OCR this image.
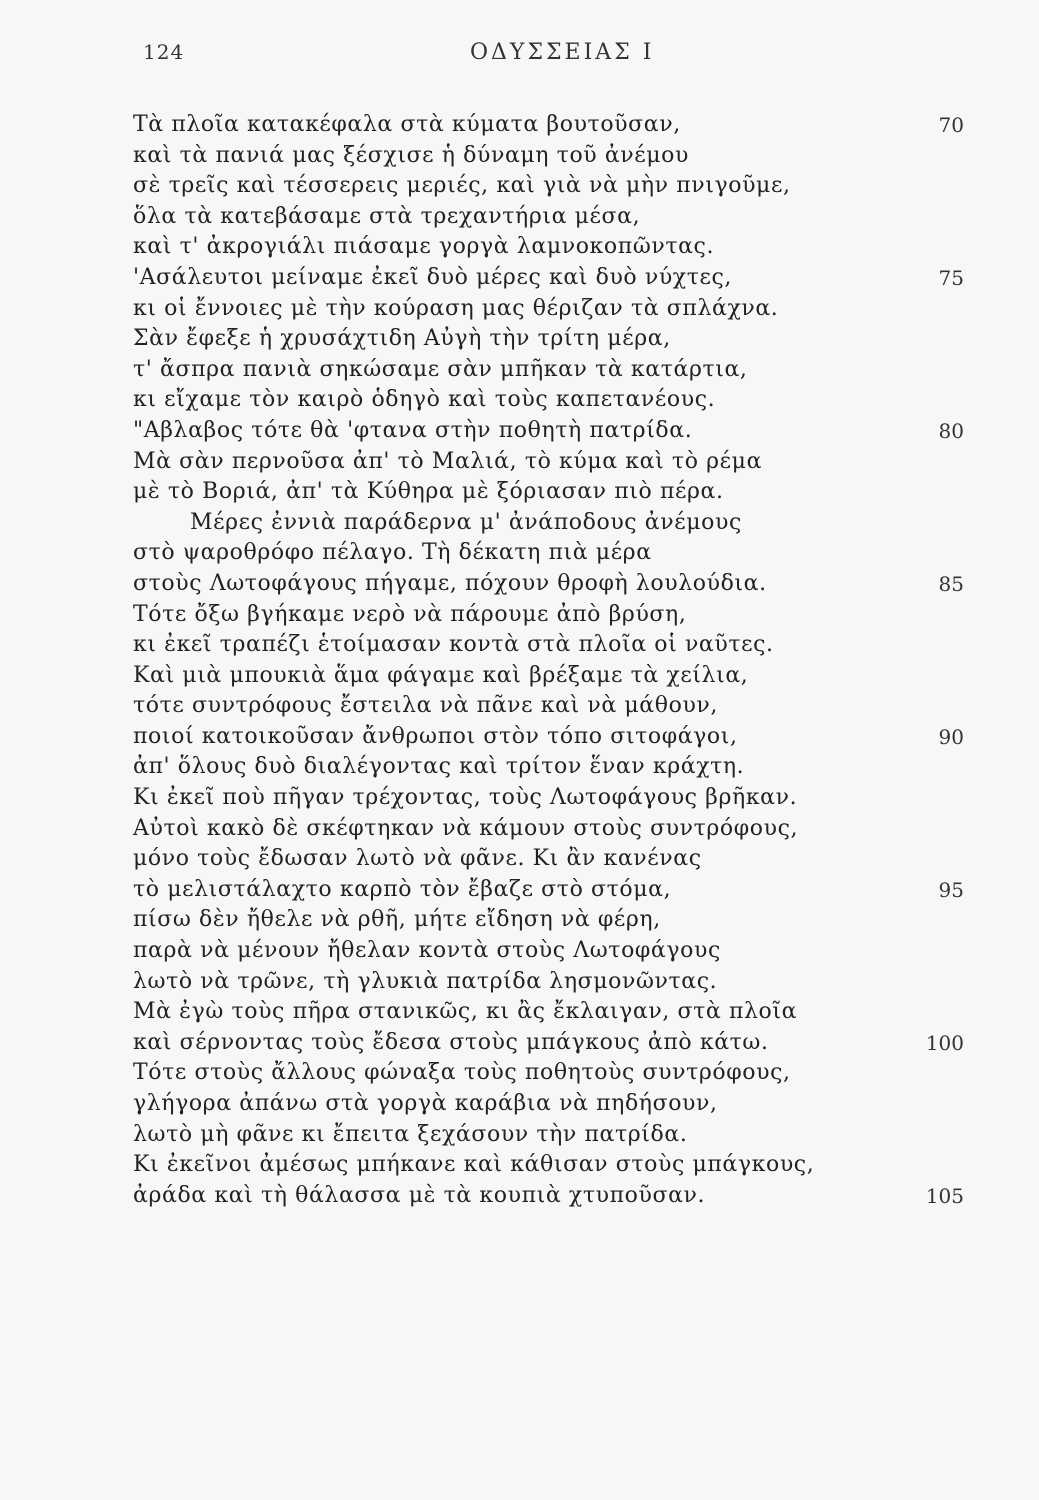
124	ΟΔΥΣΣΕΙΑΣ Ι
Τὰ πλοῖα κατακέφαλα στὰ κύματα βουτοῦσαν,	70
καὶ τὰ πανιά μας ξέσχισε ἡ δύναμη τοῦ ἀνέμου
σὲ τρεῖς καὶ τέσσερεις μεριές, καὶ γιὰ νὰ μὴν πνιγοῦμε,
ὅλα τὰ κατεβάσαμε στὰ τρεχαντήρια μέσα,
καὶ τ' ἀκρογιάλι πιάσαμε γοργὰ λαμνοκοπῶντας.
'Ασάλευτοι μείναμε ἐκεῖ δυὸ μέρες καὶ δυὸ νύχτες,	75
κι οἱ ἔννοιες μὲ τὴν κούραση μας θέριζαν τὰ σπλάχνα.
Σὰν ἔφεξε ἡ χρυσάχτιδη Αὐγὴ τὴν τρίτη μέρα,
τ' ἄσπρα πανιὰ σηκώσαμε σὰν μπῆκαν τὰ κατάρτια,
κι εἴχαμε τὸν καιρὸ ὁδηγὸ καὶ τοὺς καπετανέους.
"Αβλαβος τότε θὰ 'φτανα στὴν ποθητὴ πατρίδα.	80
Μὰ σὰν περνοῦσα ἀπ' τὸ Μαλιά, τὸ κύμα καὶ τὸ ρέμα
μὲ τὸ Βοριά, ἀπ' τὰ Κύθηρα μὲ ξόριασαν πιὸ πέρα.
Μέρες ἐννιὰ παράδερνα μ' ἀνάποδους ἀνέμους
στὸ ψαροθρόφο πέλαγο. Τὴ δέκατη πιὰ μέρα
στοὺς Λωτοφάγους πήγαμε, πόχουν θροφὴ λουλούδια.	85
Τότε ὄξω βγήκαμε νερὸ νὰ πάρουμε ἀπὸ βρύση,
κι ἐκεῖ τραπέζι ἑτοίμασαν κοντὰ στὰ πλοῖα οἱ ναῦτες.
Καὶ μιὰ μπουκιὰ ἅμα φάγαμε καὶ βρέξαμε τὰ χείλια,
τότε συντρόφους ἔστειλα νὰ πᾶνε καὶ νὰ μάθουν,
ποιοί κατοικοῦσαν ἄνθρωποι στὸν τόπο σιτοφάγοι,	90
ἀπ' ὅλους δυὸ διαλέγοντας καὶ τρίτον ἕναν κράχτη.
Κι ἐκεῖ ποὺ πῆγαν τρέχοντας, τοὺς Λωτοφάγους βρῆκαν.
Αὐτοὶ κακὸ δὲ σκέφτηκαν νὰ κάμουν στοὺς συντρόφους,
μόνο τοὺς ἔδωσαν λωτὸ νὰ φᾶνε. Κι ἂν κανένας
τὸ μελιστάλαχτο καρπὸ τὸν ἔβαζε στὸ στόμα,	95
πίσω δὲν ἤθελε νὰ ρθῆ, μήτε εἴδηση νὰ φέρη,
παρὰ νὰ μένουν ἤθελαν κοντὰ στοὺς Λωτοφάγους
λωτὸ νὰ τρῶνε, τὴ γλυκιὰ πατρίδα λησμονῶντας.
Μὰ ἐγὼ τοὺς πῆρα στανικῶς, κι ἂς ἔκλαιγαν, στὰ πλοῖα
καὶ σέρνοντας τοὺς ἔδεσα στοὺς μπάγκους ἀπὸ κάτω.	100
Τότε στοὺς ἄλλους φώναξα τοὺς ποθητοὺς συντρόφους,
γλήγορα ἀπάνω στὰ γοργὰ καράβια νὰ πηδήσουν,
λωτὸ μὴ φᾶνε κι ἔπειτα ξεχάσουν τὴν πατρίδα.
Κι ἐκεῖνοι ἀμέσως μπήκανε καὶ κάθισαν στοὺς μπάγκους,
ἀράδα καὶ τὴ θάλασσα μὲ τὰ κουπιὰ χτυποῦσαν.	105
